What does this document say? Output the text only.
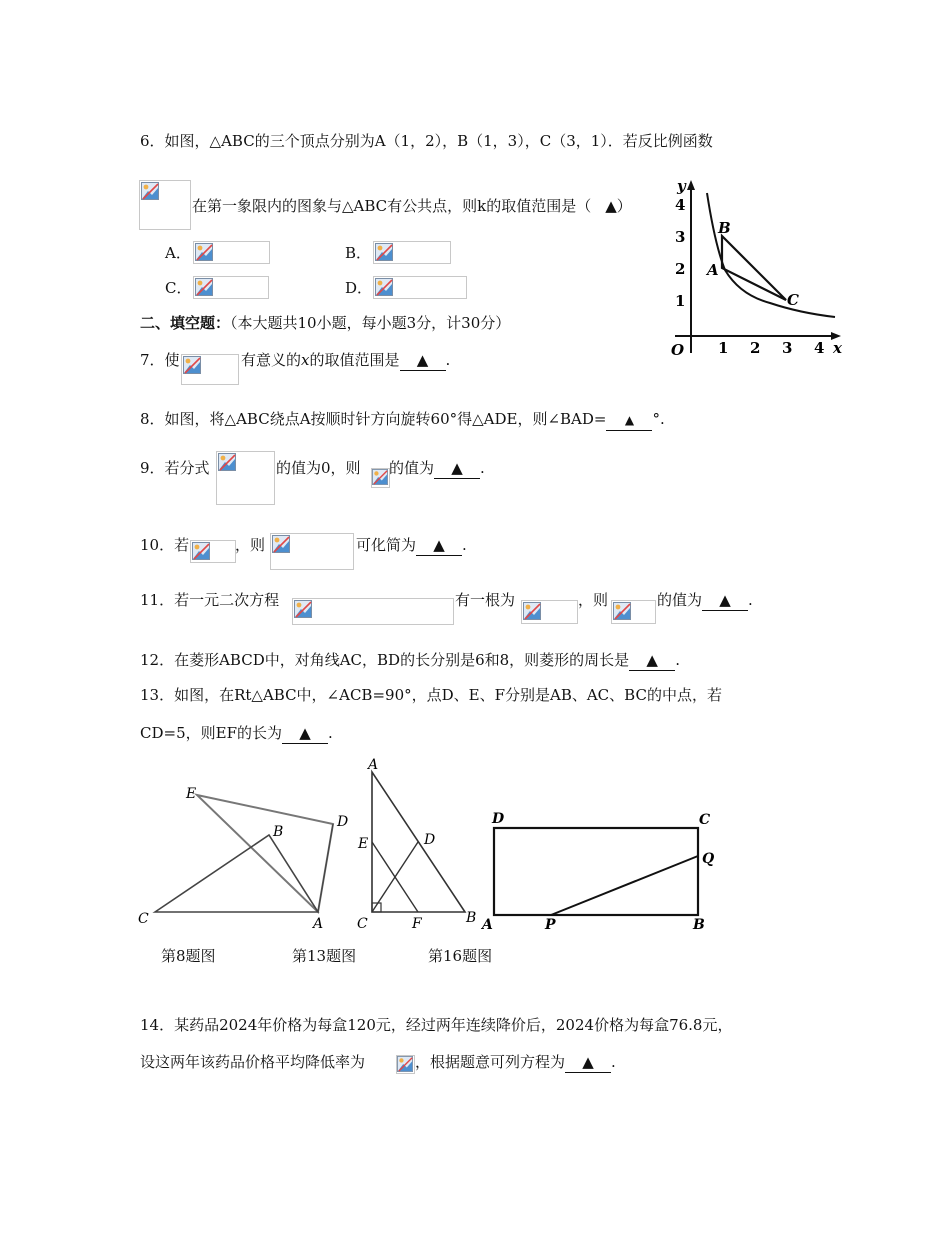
6．如图，△ABC的三个顶点分别为A（1，2），B（1，3），C（3，1）．若反比例函数
在第一象限内的图象与△ABC有公共点，则k的取值范围是（ ▲）
A．	B．
C．	D．
y
x
O
4
3
2
1
1 2 3 4
B
A
C
二、填空题：（本大题共10小题，每小题3分，计30分）
7．使	有意义的x的取值范围是 ▲ .
8．如图，将△ABC绕点A按顺时针方向旋转60°得△ADE，则∠BAD= ▲ °.
9．若分式	的值为0，则 的值为 ▲ .
10．若	，则	可化简为 ▲ .
11．若一元二次方程	有一根为	，则	的值为 ▲ .
12．在菱形ABCD中，对角线AC，BD的长分别是6和8，则菱形的周长是 ▲ .
13．如图，在Rt△ABC中，∠ACB=90°，点D、E、F分别是AB、AC、BC的中点，若
CD=5，则EF的长为 ▲ .
E
B
D
C	A
A
E	D
C	F	B
D	C
Q
A	P	B
第8题图	第13题图	第16题图
14．某药品2024年价格为每盒120元，经过两年连续降价后，2024价格为每盒76.8元，
设这两年该药品价格平均降低率为	，根据题意可列方程为 ▲ .
